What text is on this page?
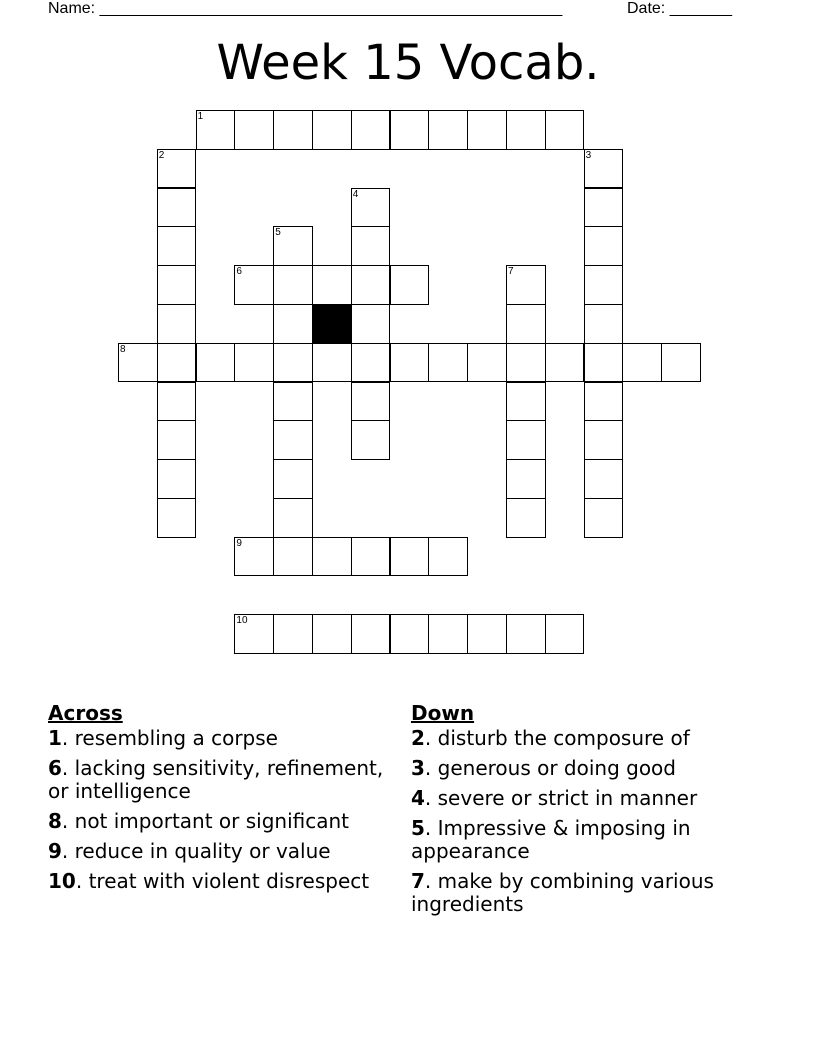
Name: ____________________________________________________	Date: _______
Week 15 Vocab.
1
2	3
4
5
6	7
8
9
10
Across
1. resembling a corpse
6. lacking sensitivity, refinement, or intelligence
8. not important or significant
9. reduce in quality or value
10. treat with violent disrespect
Down
2. disturb the composure of
3. generous or doing good
4. severe or strict in manner
5. Impressive & imposing in appearance
7. make by combining various ingredients
